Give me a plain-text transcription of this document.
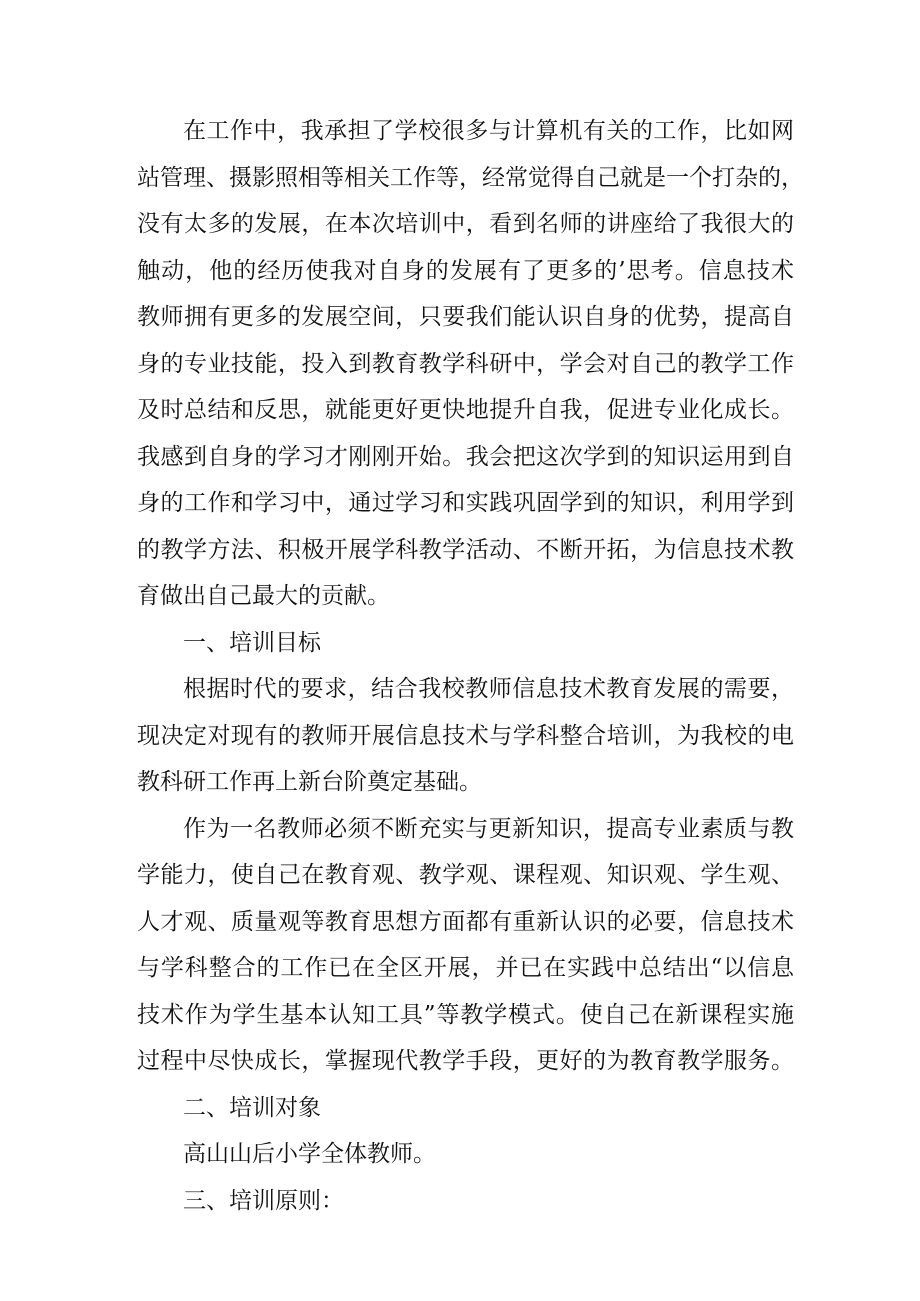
在工作中，我承担了学校很多与计算机有关的工作，比如网
站管理、摄影照相等相关工作等，经常觉得自己就是一个打杂的，
没有太多的发展，在本次培训中，看到名师的讲座给了我很大的
触动，他的经历使我对自身的发展有了更多的’思考。信息技术
教师拥有更多的发展空间，只要我们能认识自身的优势，提高自
身的专业技能，投入到教育教学科研中，学会对自己的教学工作
及时总结和反思，就能更好更快地提升自我，促进专业化成长。
我感到自身的学习才刚刚开始。我会把这次学到的知识运用到自
身的工作和学习中，通过学习和实践巩固学到的知识，利用学到
的教学方法、积极开展学科教学活动、不断开拓，为信息技术教
育做出自己最大的贡献。
一、培训目标
根据时代的要求，结合我校教师信息技术教育发展的需要，
现决定对现有的教师开展信息技术与学科整合培训，为我校的电
教科研工作再上新台阶奠定基础。
作为一名教师必须不断充实与更新知识，提高专业素质与教
学能力，使自己在教育观、教学观、课程观、知识观、学生观、
人才观、质量观等教育思想方面都有重新认识的必要，信息技术
与学科整合的工作已在全区开展，并已在实践中总结出“以信息
技术作为学生基本认知工具”等教学模式。使自己在新课程实施
过程中尽快成长，掌握现代教学手段，更好的为教育教学服务。
二、培训对象
高山山后小学全体教师。
三、培训原则：
